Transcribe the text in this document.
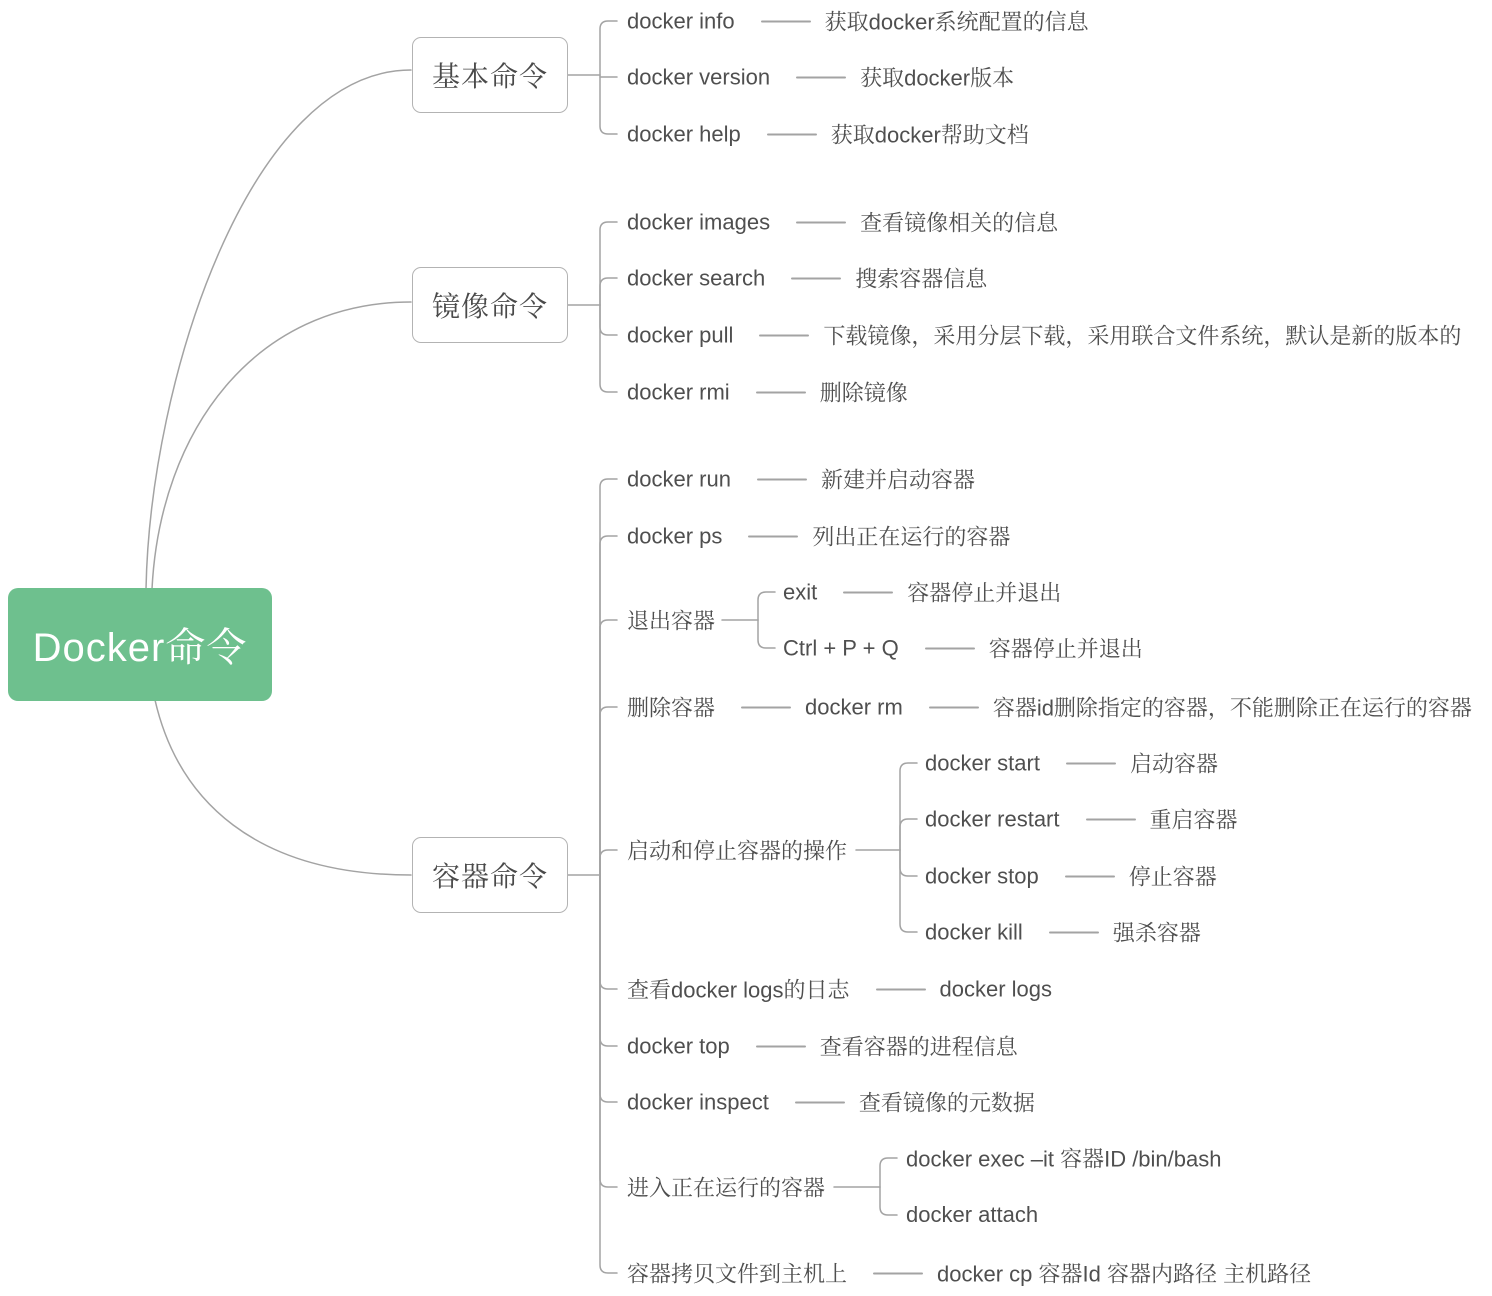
Docker命令
基本命令
镜像命令
容器命令
docker info	获取docker系统配置的信息
docker version	获取docker版本
docker help	获取docker帮助文档
docker images	查看镜像相关的信息
docker search	搜索容器信息
docker pull	下载镜像，采用分层下载，采用联合文件系统，默认是新的版本的
docker rmi	删除镜像
docker run	新建并启动容器
docker ps	列出正在运行的容器
退出容器
exit	容器停止并退出
Ctrl + P + Q	容器停止并退出
删除容器	docker rm	容器id删除指定的容器，不能删除正在运行的容器
启动和停止容器的操作
docker start	启动容器
docker restart	重启容器
docker stop	停止容器
docker kill	强杀容器
查看docker logs的日志	docker logs
docker top	查看容器的进程信息
docker inspect	查看镜像的元数据
进入正在运行的容器
docker exec –it 容器ID /bin/bash
docker attach
容器拷贝文件到主机上	docker cp 容器Id 容器内路径 主机路径
